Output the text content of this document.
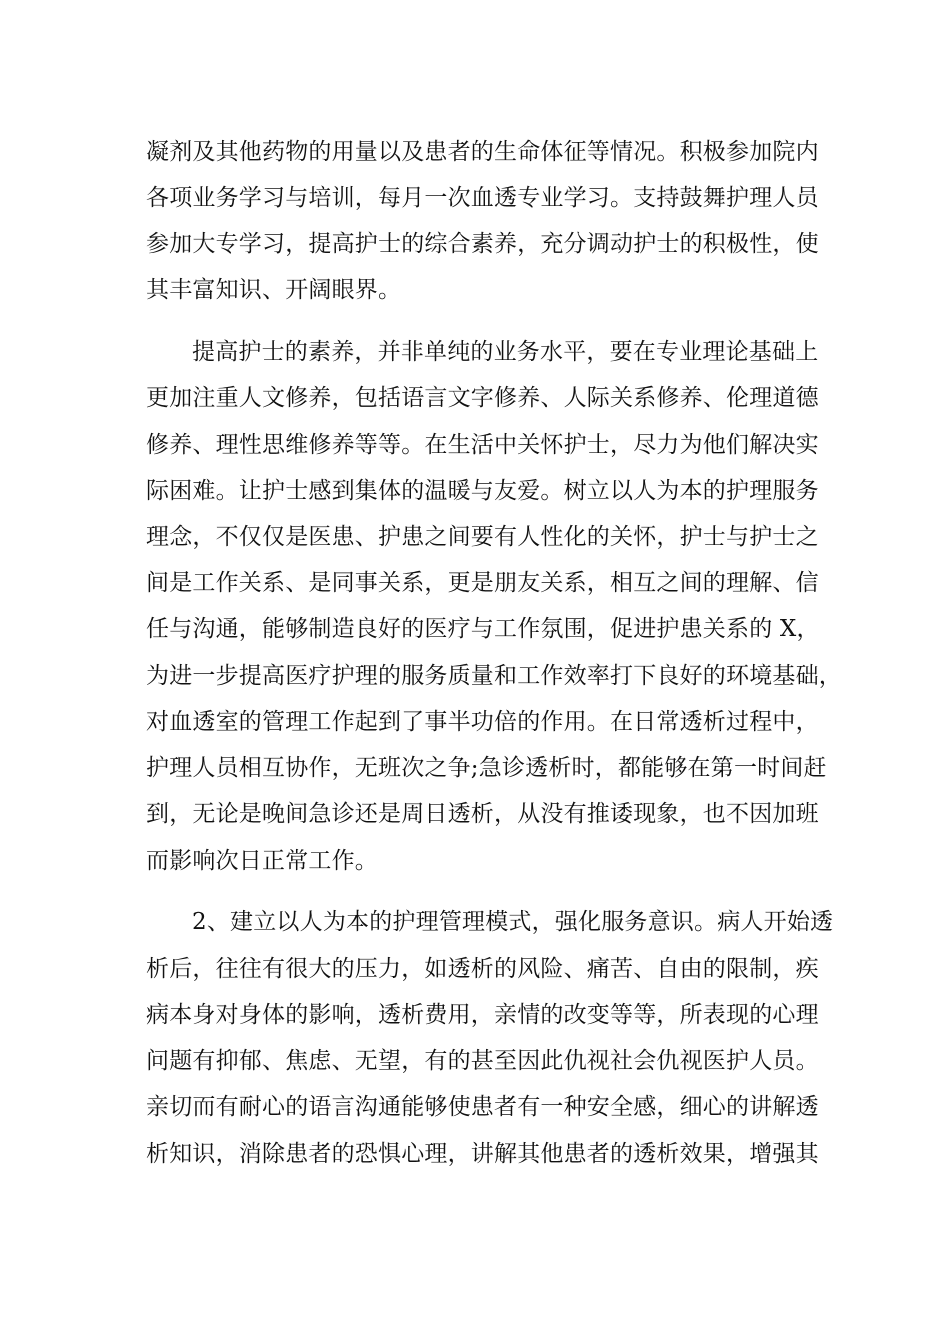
凝剂及其他药物的用量以及患者的生命体征等情况。积极参加院内
各项业务学习与培训，每月一次血透专业学习。支持鼓舞护理人员
参加大专学习，提高护士的综合素养，充分调动护士的积极性，使
其丰富知识、开阔眼界。
提高护士的素养，并非单纯的业务水平，要在专业理论基础上
更加注重人文修养，包括语言文字修养、人际关系修养、伦理道德
修养、理性思维修养等等。在生活中关怀护士，尽力为他们解决实
际困难。让护士感到集体的温暖与友爱。树立以人为本的护理服务
理念，不仅仅是医患、护患之间要有人性化的关怀，护士与护士之
间是工作关系、是同事关系，更是朋友关系，相互之间的理解、信
任与沟通，能够制造良好的医疗与工作氛围，促进护患关系的 X，
为进一步提高医疗护理的服务质量和工作效率打下良好的环境基础，
对血透室的管理工作起到了事半功倍的作用。在日常透析过程中，
护理人员相互协作，无班次之争;急诊透析时，都能够在第一时间赶
到，无论是晚间急诊还是周日透析，从没有推诿现象，也不因加班
而影响次日正常工作。
2、建立以人为本的护理管理模式，强化服务意识。病人开始透
析后，往往有很大的压力，如透析的风险、痛苦、自由的限制，疾
病本身对身体的影响，透析费用，亲情的改变等等，所表现的心理
问题有抑郁、焦虑、无望，有的甚至因此仇视社会仇视医护人员。
亲切而有耐心的语言沟通能够使患者有一种安全感，细心的讲解透
析知识，消除患者的恐惧心理，讲解其他患者的透析效果，增强其
